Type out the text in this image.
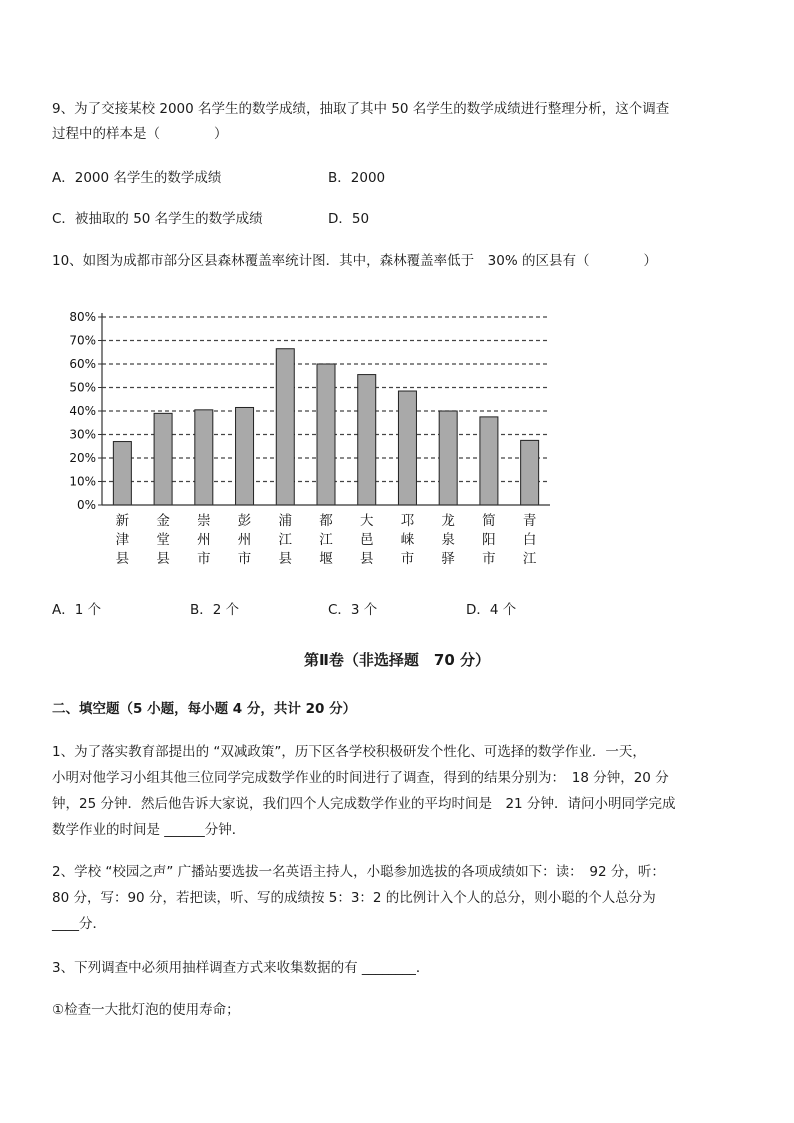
9、为了交接某校 2000 名学生的数学成绩，抽取了其中 50 名学生的数学成绩进行整理分析，这个调查
过程中的样本是（　　　　）
A．2000 名学生的数学成绩	B．2000
C．被抽取的 50 名学生的数学成绩	D．50
10、如图为成都市部分区县森林覆盖率统计图．其中，森林覆盖率低于　30% 的区县有（　　　　）
0%
10%
20%
30%
40%
50%
60%
70%
80%
新津县
金堂县
崇州市
彭州市
浦江县
都江堰
大邑县
邛崃市
龙泉驿
简阳市
青白江
A．1 个	B．2 个	C．3 个	D．4 个
第Ⅱ卷（非选择题　70 分）
二、填空题（5 小题，每小题 4 分，共计 20 分）
1、为了落实教育部提出的 “双减政策”，历下区各学校积极研发个性化、可选择的数学作业．一天，
小明对他学习小组其他三位同学完成数学作业的时间进行了调查，得到的结果分别为：　18 分钟，20 分
钟，25 分钟．然后他告诉大家说，我们四个人完成数学作业的平均时间是　21 分钟．请问小明同学完成
数学作业的时间是 ______分钟．
2、学校 “校园之声” 广播站要选拔一名英语主持人，小聪参加选拔的各项成绩如下：读：　92 分，听：
80 分，写：90 分，若把读，听、写的成绩按 5：3：2 的比例计入个人的总分，则小聪的个人总分为
____分．
3、下列调查中必须用抽样调查方式来收集数据的有 ________．
①检查一大批灯泡的使用寿命；
